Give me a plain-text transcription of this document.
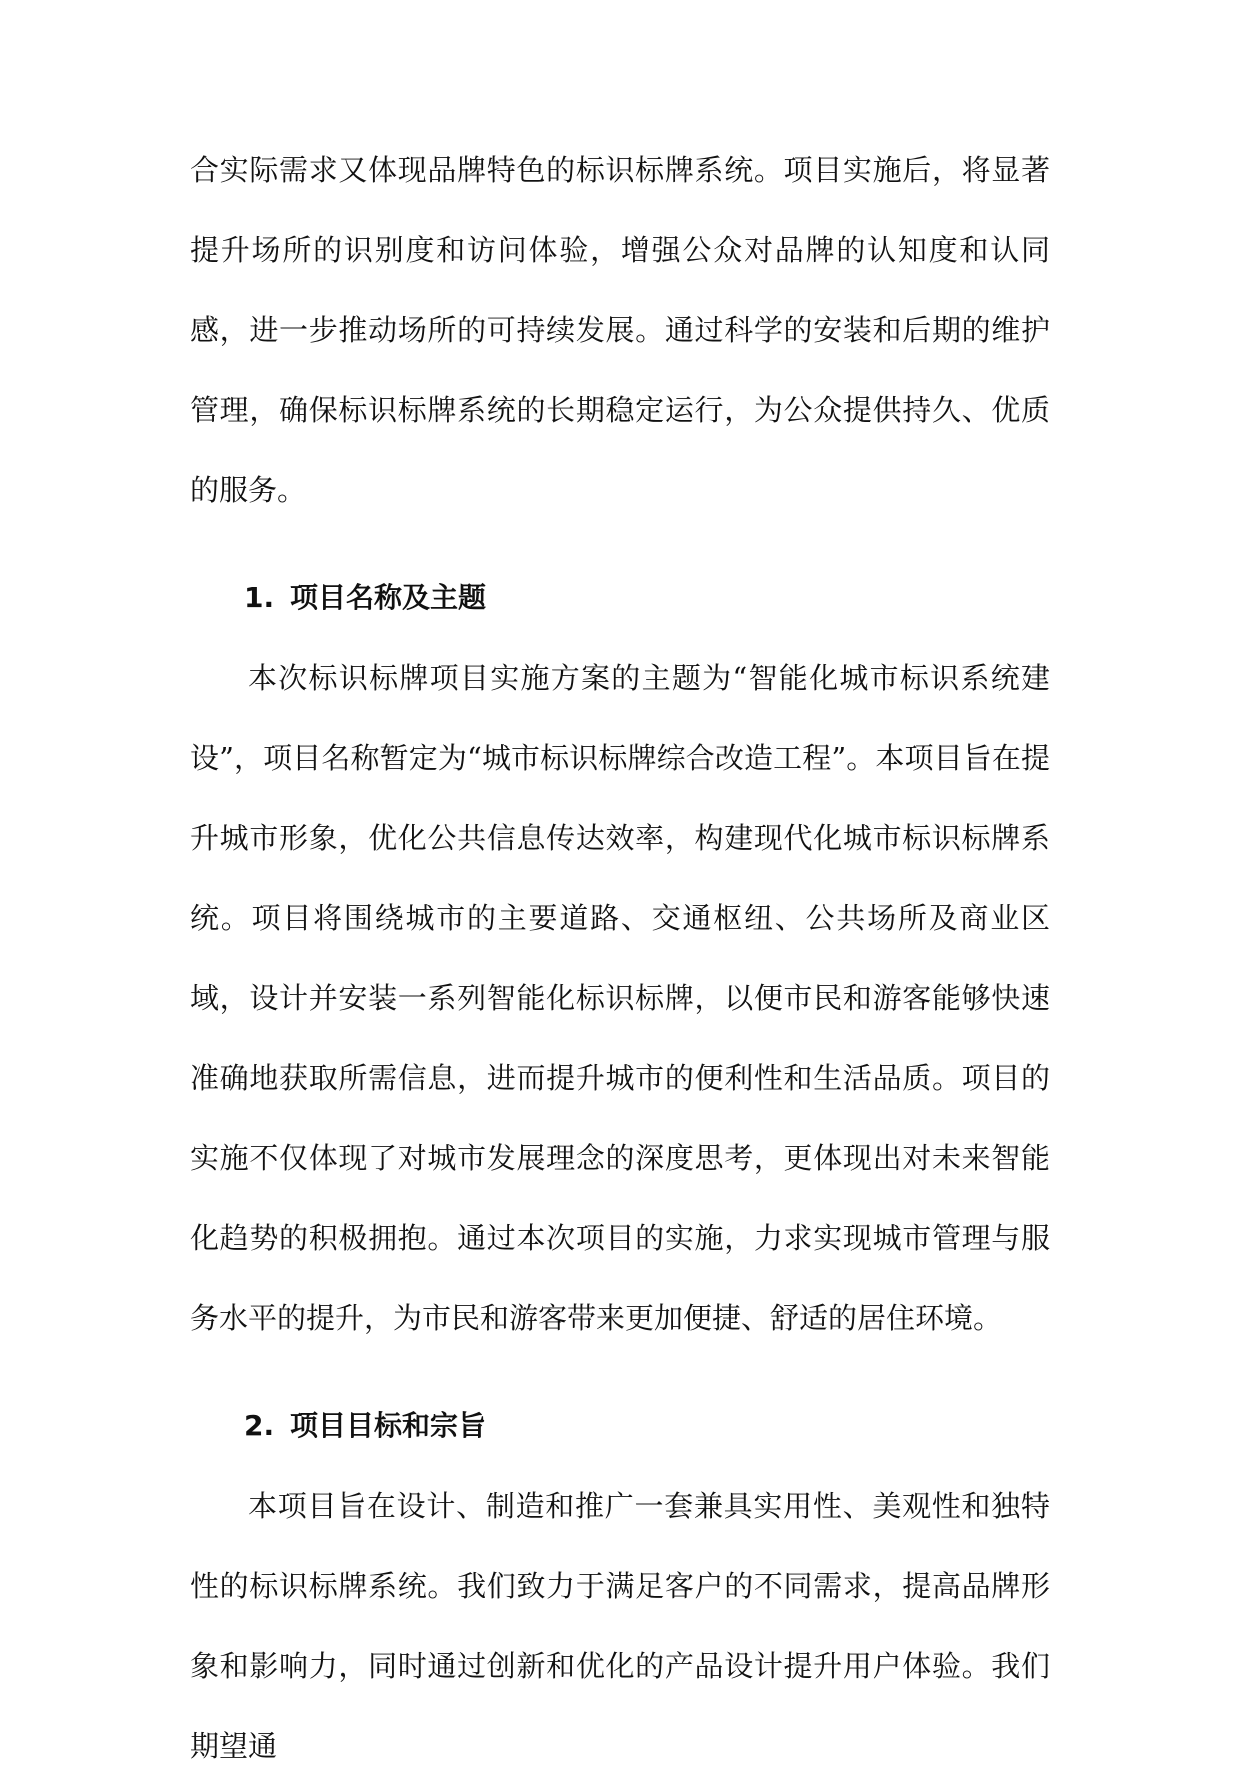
合实际需求又体现品牌特色的标识标牌系统。项目实施后，将显著提升场所的识别度和访问体验，增强公众对品牌的认知度和认同感，进一步推动场所的可持续发展。通过科学的安装和后期的维护管理，确保标识标牌系统的长期稳定运行，为公众提供持久、优质的服务。

1. 项目名称及主题

本次标识标牌项目实施方案的主题为“智能化城市标识系统建设”，项目名称暂定为“城市标识标牌综合改造工程”。本项目旨在提升城市形象，优化公共信息传达效率，构建现代化城市标识标牌系统。项目将围绕城市的主要道路、交通枢纽、公共场所及商业区域，设计并安装一系列智能化标识标牌，以便市民和游客能够快速准确地获取所需信息，进而提升城市的便利性和生活品质。项目的实施不仅体现了对城市发展理念的深度思考，更体现出对未来智能化趋势的积极拥抱。通过本次项目的实施，力求实现城市管理与服务水平的提升，为市民和游客带来更加便捷、舒适的居住环境。

2. 项目目标和宗旨

本项目旨在设计、制造和推广一套兼具实用性、美观性和独特性的标识标牌系统。我们致力于满足客户的不同需求，提高品牌形象和影响力，同时通过创新和优化的产品设计提升用户体验。我们期望通
